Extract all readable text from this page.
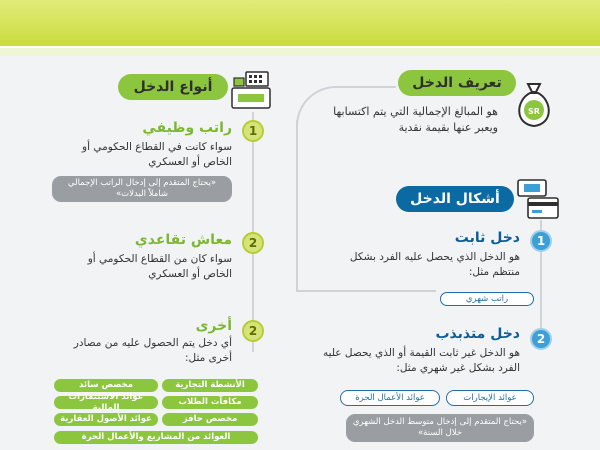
تعريف الدخل
SR
هو المبالغ الإجمالية التي يتم اكتسابها ويعبر عنها بقيمة نقدية
أشكال الدخل
1
دخل ثابت
هو الدخل الذي يحصل عليه الفرد بشكل منتظم مثل:
راتب شهري
2
دخل متذبذب
هو الدخل غير ثابت القيمة أو الذي يحصل عليه الفرد بشكل غير شهري مثل:
عوائد الإيجارات
عوائد الأعمال الحرة
«يحتاج المتقدم إلى إدخال متوسط الدخل الشهري خلال السنة»
أنواع الدخل
1
راتب وظيفي
سواء كانت في القطاع الحكومي أو الخاص أو العسكري
«يحتاج المتقدم إلى إدخال الراتب الإجمالي شاملاً البدلات»
2
معاش تقاعدي
سواء كان من القطاع الحكومي أو الخاص أو العسكري
2
أخرى
أي دخل يتم الحصول عليه من مصادر أخرى مثل:
الأنشطة التجارية
مخصص سائد
مكافآت الطلاب
عوائد الاستثمارات المالية
مخصص حافز
عوائد الأصول العقارية
العوائد من المشاريع والأعمال الحرة
